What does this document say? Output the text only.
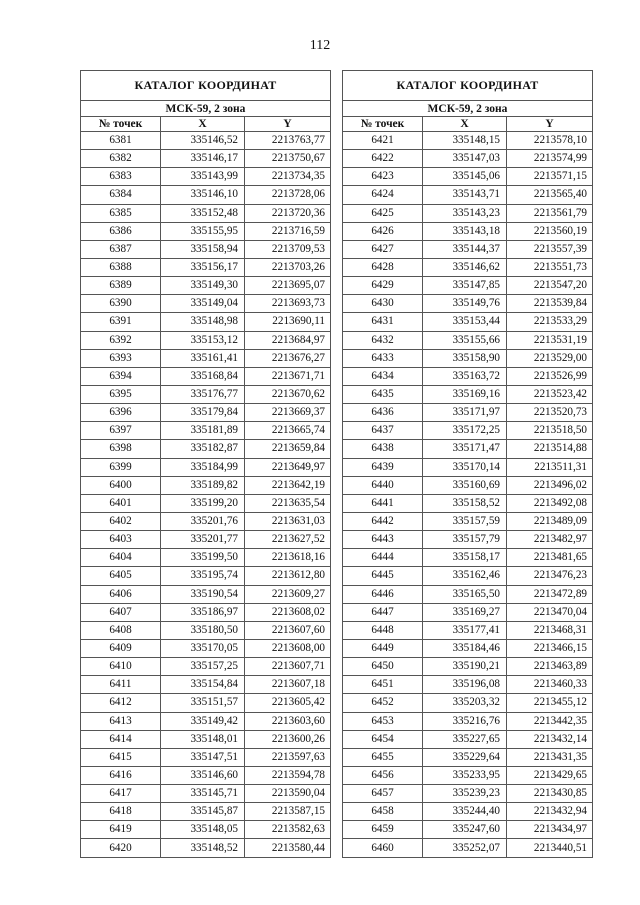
112
КАТАЛОГ КООРДИНАТ		
МСК-59, 2 зона		
№ точек	X	Y
6381	335146,52	2213763,77
6382	335146,17	2213750,67
6383	335143,99	2213734,35
6384	335146,10	2213728,06
6385	335152,48	2213720,36
6386	335155,95	2213716,59
6387	335158,94	2213709,53
6388	335156,17	2213703,26
6389	335149,30	2213695,07
6390	335149,04	2213693,73
6391	335148,98	2213690,11
6392	335153,12	2213684,97
6393	335161,41	2213676,27
6394	335168,84	2213671,71
6395	335176,77	2213670,62
6396	335179,84	2213669,37
6397	335181,89	2213665,74
6398	335182,87	2213659,84
6399	335184,99	2213649,97
6400	335189,82	2213642,19
6401	335199,20	2213635,54
6402	335201,76	2213631,03
6403	335201,77	2213627,52
6404	335199,50	2213618,16
6405	335195,74	2213612,80
6406	335190,54	2213609,27
6407	335186,97	2213608,02
6408	335180,50	2213607,60
6409	335170,05	2213608,00
6410	335157,25	2213607,71
6411	335154,84	2213607,18
6412	335151,57	2213605,42
6413	335149,42	2213603,60
6414	335148,01	2213600,26
6415	335147,51	2213597,63
6416	335146,60	2213594,78
6417	335145,71	2213590,04
6418	335145,87	2213587,15
6419	335148,05	2213582,63
6420	335148,52	2213580,44
КАТАЛОГ КООРДИНАТ		
МСК-59, 2 зона		
№ точек	X	Y
6421	335148,15	2213578,10
6422	335147,03	2213574,99
6423	335145,06	2213571,15
6424	335143,71	2213565,40
6425	335143,23	2213561,79
6426	335143,18	2213560,19
6427	335144,37	2213557,39
6428	335146,62	2213551,73
6429	335147,85	2213547,20
6430	335149,76	2213539,84
6431	335153,44	2213533,29
6432	335155,66	2213531,19
6433	335158,90	2213529,00
6434	335163,72	2213526,99
6435	335169,16	2213523,42
6436	335171,97	2213520,73
6437	335172,25	2213518,50
6438	335171,47	2213514,88
6439	335170,14	2213511,31
6440	335160,69	2213496,02
6441	335158,52	2213492,08
6442	335157,59	2213489,09
6443	335157,79	2213482,97
6444	335158,17	2213481,65
6445	335162,46	2213476,23
6446	335165,50	2213472,89
6447	335169,27	2213470,04
6448	335177,41	2213468,31
6449	335184,46	2213466,15
6450	335190,21	2213463,89
6451	335196,08	2213460,33
6452	335203,32	2213455,12
6453	335216,76	2213442,35
6454	335227,65	2213432,14
6455	335229,64	2213431,35
6456	335233,95	2213429,65
6457	335239,23	2213430,85
6458	335244,40	2213432,94
6459	335247,60	2213434,97
6460	335252,07	2213440,51
